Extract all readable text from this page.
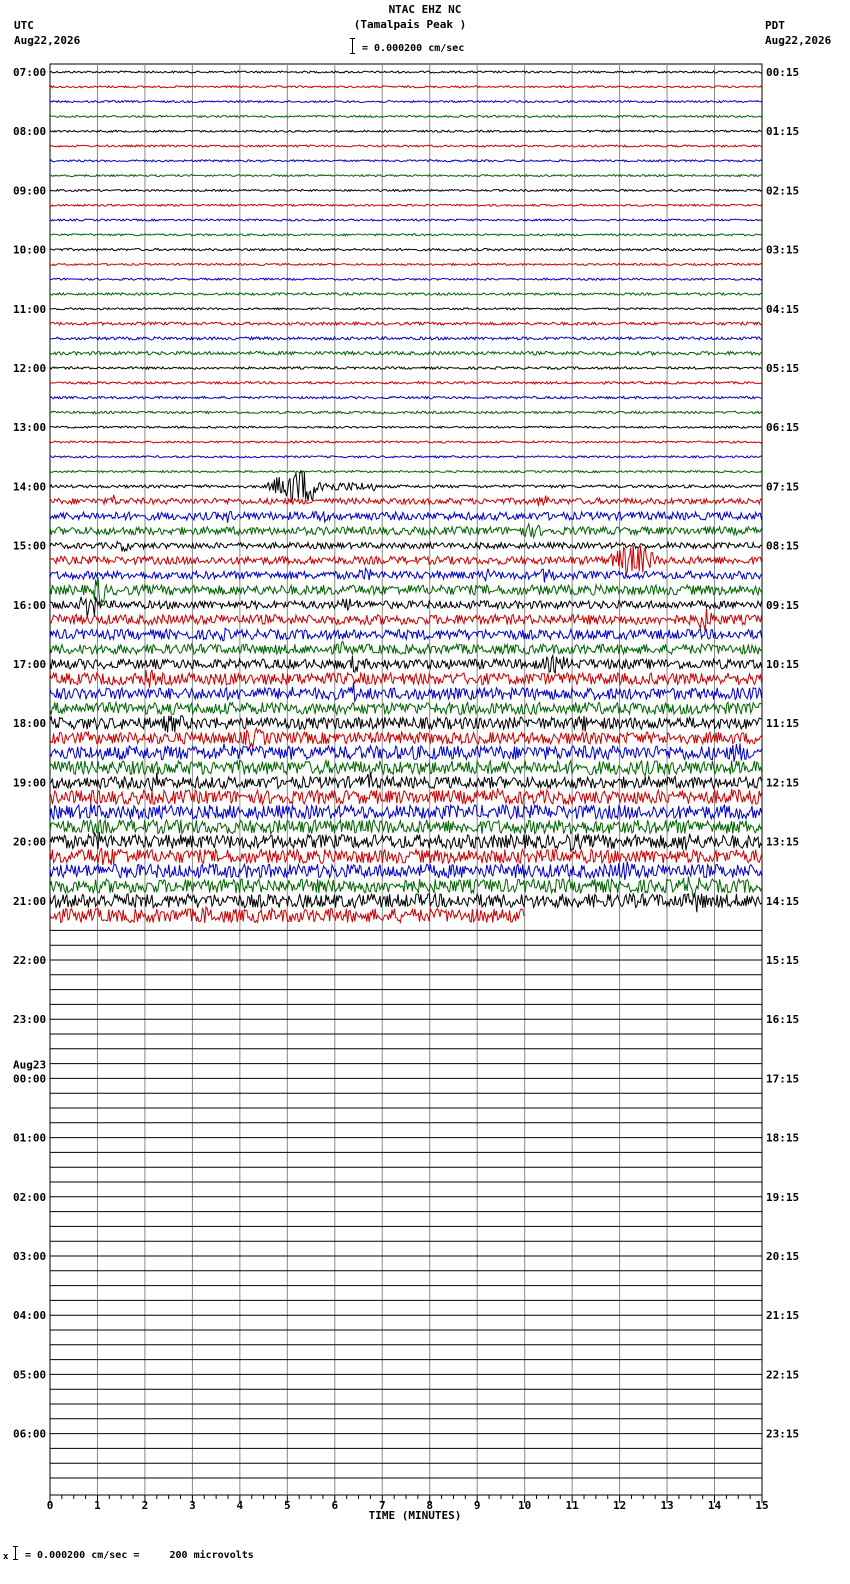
NTAC EHZ NC
(Tamalpais Peak )
= 0.000200 cm/sec
UTC
Aug22,2026
PDT
Aug22,2026
07:00
08:00
09:00
10:00
11:00
12:00
13:00
14:00
15:00
16:00
17:00
18:00
19:00
20:00
21:00
22:00
23:00
00:00
01:00
02:00
03:00
04:00
05:00
06:00
00:15
01:15
02:15
03:15
04:15
05:15
06:15
07:15
08:15
09:15
10:15
11:15
12:15
13:15
14:15
15:15
16:15
17:15
18:15
19:15
20:15
21:15
22:15
23:15
Aug23
0	1	2	3	4	5	6	7	8	9	10	11	12	13	14	15
TIME (MINUTES)
x = 0.000200 cm/sec =     200 microvolts
